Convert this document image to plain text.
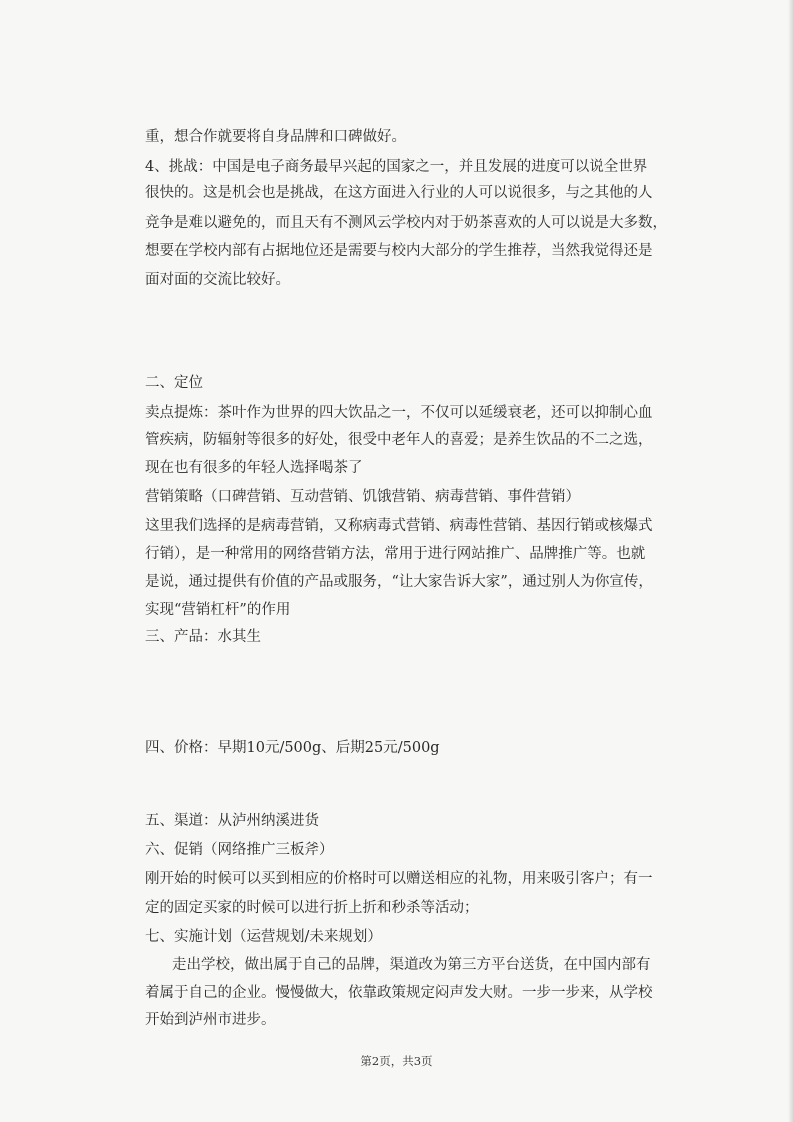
重，想合作就要将自身品牌和口碑做好。
4、挑战：中国是电子商务最早兴起的国家之一，并且发展的进度可以说全世界
很快的。这是机会也是挑战，在这方面进入行业的人可以说很多，与之其他的人
竞争是难以避免的，而且天有不测风云学校内对于奶茶喜欢的人可以说是大多数，
想要在学校内部有占据地位还是需要与校内大部分的学生推荐，当然我觉得还是
面对面的交流比较好。
二、定位
卖点提炼：茶叶作为世界的四大饮品之一，不仅可以延缓衰老，还可以抑制心血
管疾病，防辐射等很多的好处，很受中老年人的喜爱；是养生饮品的不二之选，
现在也有很多的年轻人选择喝茶了
营销策略（口碑营销、互动营销、饥饿营销、病毒营销、事件营销）
这里我们选择的是病毒营销，又称病毒式营销、病毒性营销、基因行销或核爆式
行销），是一种常用的网络营销方法，常用于进行网站推广、品牌推广等。也就
是说，通过提供有价值的产品或服务，“让大家告诉大家”，通过别人为你宣传，
实现“营销杠杆”的作用
三、产品：水其生
四、价格：早期10元/500g、后期25元/500g
五、渠道：从泸州纳溪进货
六、促销（网络推广三板斧）
刚开始的时候可以买到相应的价格时可以赠送相应的礼物，用来吸引客户；有一
定的固定买家的时候可以进行折上折和秒杀等活动；
七、实施计划（运营规划/未来规划）
走出学校，做出属于自己的品牌，渠道改为第三方平台送货，在中国内部有
着属于自己的企业。慢慢做大，依靠政策规定闷声发大财。一步一步来，从学校
开始到泸州市进步。
第2页，共3页
